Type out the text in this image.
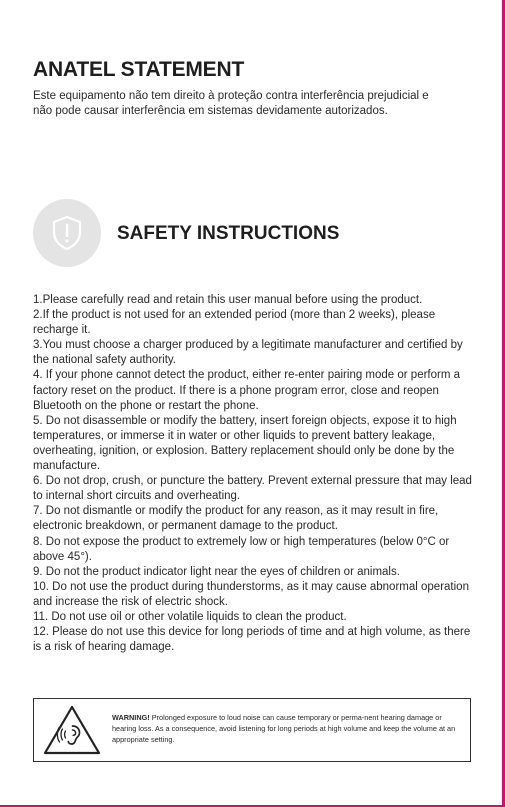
ANATEL STATEMENT

Este equipamento não tem direito à proteção contra interferência prejudicial e

não pode causar interferência em sistemas devidamente autorizados.

SAFETY INSTRUCTIONS

1.Please carefully read and retain this user manual before using the product.

2.If the product is not used for an extended period (more than 2 weeks), please recharge it.

3.You must choose a charger produced by a legitimate manufacturer and certified by the national safety authority.

4. If your phone cannot detect the product, either re-enter pairing mode or perform a factory reset on the product. If there is a phone program error, close and reopen Bluetooth on the phone or restart the phone.

5. Do not disassemble or modify the battery, insert foreign objects, expose it to high temperatures, or immerse it in water or other liquids to prevent battery leakage, overheating, ignition, or explosion. Battery replacement should only be done by the manufacture.

6. Do not drop, crush, or puncture the battery. Prevent external pressure that may lead to internal short circuits and overheating.

7. Do not dismantle or modify the product for any reason, as it may result in fire, electronic breakdown, or permanent damage to the product.

8. Do not expose the product to extremely low or high temperatures (below 0°C or above 45°).

9. Do not the product indicator light near the eyes of children or animals.

10. Do not use the product during thunderstorms, as it may cause abnormal operation and increase the risk of electric shock.

11. Do not use oil or other volatile liquids to clean the product.

12. Please do not use this device for long periods of time and at high volume, as there is a risk of hearing damage.

WARNING! Prolonged exposure to loud noise can cause temporary or perma-nent hearing damage or hearing loss. As a consequence, avoid listening for long periods at high volume and keep the volume at an appropriate setting.
